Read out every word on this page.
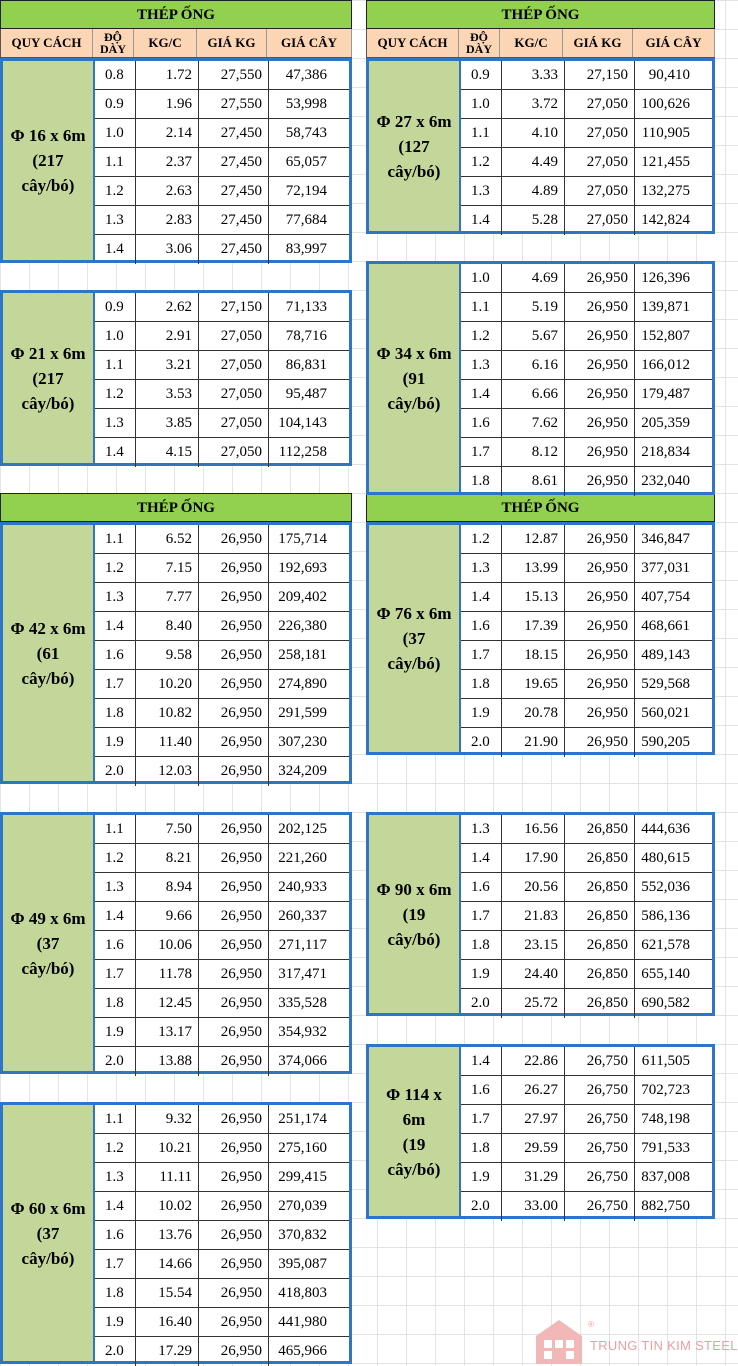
THÉP ỐNG	THÉP ỐNG
THÉP ỐNG	THÉP ỐNG
QUY CÁCH	ĐỘ DÀY	KG/C	GIÁ KG	GIÁ CÂY	QUY CÁCH	ĐỘ DÀY	KG/C	GIÁ KG	GIÁ CÂY
Φ 16 x 6m
(217
cây/bó)
0.8	1.72	27,550	47,386
0.9	1.96	27,550	53,998
1.0	2.14	27,450	58,743
1.1	2.37	27,450	65,057
1.2	2.63	27,450	72,194
1.3	2.83	27,450	77,684
1.4	3.06	27,450	83,997
Φ 21 x 6m
(217
cây/bó)
0.9	2.62	27,150	71,133
1.0	2.91	27,050	78,716
1.1	3.21	27,050	86,831
1.2	3.53	27,050	95,487
1.3	3.85	27,050	104,143
1.4	4.15	27,050	112,258
Φ 27 x 6m
(127
cây/bó)
0.9	3.33	27,150	90,410
1.0	3.72	27,050 100,626
1.1	4.10	27,050 110,905
1.2	4.49	27,050 121,455
1.3	4.89	27,050 132,275
1.4	5.28	27,050 142,824
Φ 34 x 6m
(91
cây/bó)
1.0	4.69	26,950 126,396
1.1	5.19	26,950 139,871
1.2	5.67	26,950 152,807
1.3	6.16	26,950 166,012
1.4	6.66	26,950 179,487
1.6	7.62	26,950 205,359
1.7	8.12	26,950 218,834
1.8	8.61	26,950 232,040
Φ 42 x 6m
(61
cây/bó)
1.1	6.52	26,950	175,714
1.2	7.15	26,950	192,693
1.3	7.77	26,950	209,402
1.4	8.40	26,950	226,380
1.6	9.58	26,950	258,181
1.7	10.20	26,950	274,890
1.8	10.82	26,950	291,599
1.9	11.40	26,950	307,230
2.0	12.03	26,950	324,209
Φ 76 x 6m
(37
cây/bó)
1.2	12.87	26,950 346,847
1.3	13.99	26,950 377,031
1.4	15.13	26,950 407,754
1.6	17.39	26,950 468,661
1.7	18.15	26,950 489,143
1.8	19.65	26,950 529,568
1.9	20.78	26,950 560,021
2.0	21.90	26,950 590,205
Φ 49 x 6m
(37
cây/bó)
1.1	7.50	26,950	202,125
1.2	8.21	26,950	221,260
1.3	8.94	26,950	240,933
1.4	9.66	26,950	260,337
1.6	10.06	26,950	271,117
1.7	11.78	26,950	317,471
1.8	12.45	26,950	335,528
1.9	13.17	26,950	354,932
2.0	13.88	26,950	374,066
Φ 90 x 6m
(19
cây/bó)
1.3	16.56	26,850 444,636
1.4	17.90	26,850 480,615
1.6	20.56	26,850 552,036
1.7	21.83	26,850 586,136
1.8	23.15	26,850 621,578
1.9	24.40	26,850 655,140
2.0	25.72	26,850 690,582
Φ 114 x
6m
(19
cây/bó)
1.4	22.86	26,750 611,505
1.6	26.27	26,750 702,723
1.7	27.97	26,750 748,198
1.8	29.59	26,750 791,533
1.9	31.29	26,750 837,008
2.0	33.00	26,750 882,750
Φ 60 x 6m
(37
cây/bó)
1.1	9.32	26,950	251,174
1.2	10.21	26,950	275,160
1.3	11.11	26,950	299,415
1.4	10.02	26,950	270,039
1.6	13.76	26,950	370,832
1.7	14.66	26,950	395,087
1.8	15.54	26,950	418,803
1.9	16.40	26,950	441,980
2.0	17.29	26,950	465,966
®
TRUNG TIN KIM STEEL
